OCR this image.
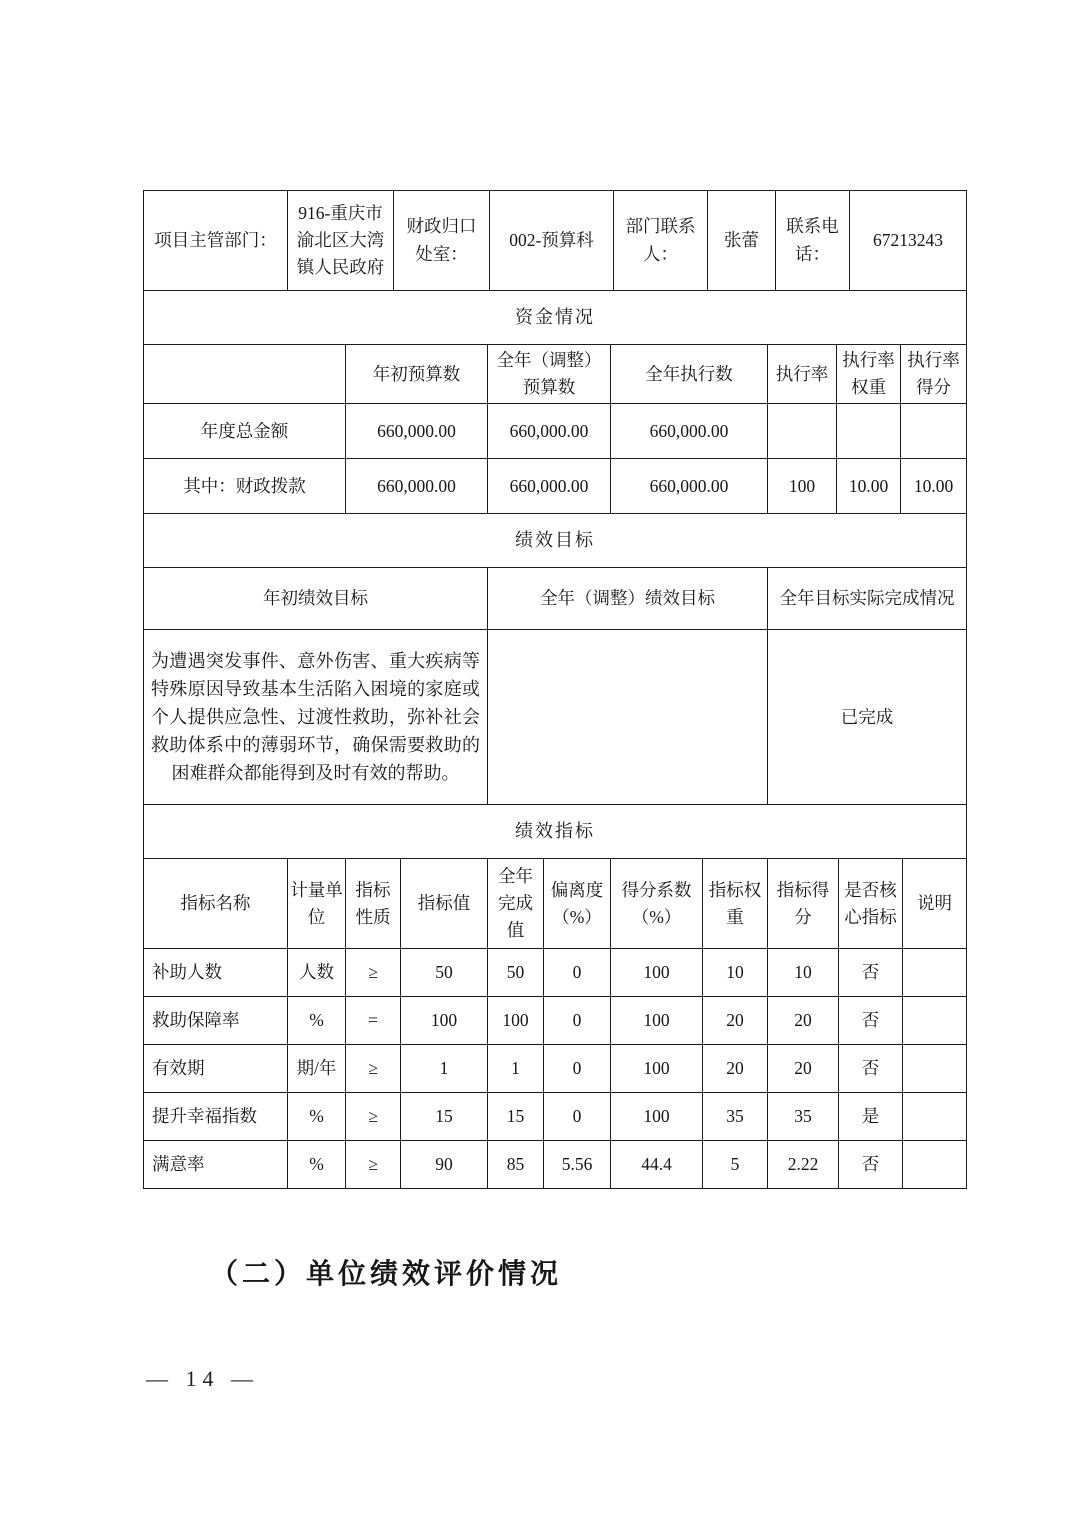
项目主管部门：	916-重庆市渝北区大湾镇人民政府	财政归口处室：	002-预算科	部门联系人：	张蕾	联系电话：	67213243
资金情况						
	年初预算数	全年（调整）预算数	全年执行数	执行率	执行率权重	执行率得分
年度总金额	660,000.00	660,000.00	660,000.00			
其中：财政拨款	660,000.00	660,000.00	660,000.00	100	10.00	10.00
绩效目标		
年初绩效目标	全年（调整）绩效目标	全年目标实际完成情况
为遭遇突发事件、意外伤害、重大疾病等特殊原因导致基本生活陷入困境的家庭或个人提供应急性、过渡性救助，弥补社会救助体系中的薄弱环节，确保需要救助的困难群众都能得到及时有效的帮助。		已完成
绩效指标										
指标名称	计量单位	指标性质	指标值	全年完成值	偏离度（%）	得分系数（%）	指标权重	指标得分	是否核心指标	说明
补助人数	人数	≥	50	50	0	100	10	10	否	
救助保障率	%	=	100	100	0	100	20	20	否	
有效期	期/年	≥	1	1	0	100	20	20	否	
提升幸福指数	%	≥	15	15	0	100	35	35	是	
满意率	%	≥	90	85	5.56	44.4	5	2.22	否	
（二）单位绩效评价情况
— 14 —
